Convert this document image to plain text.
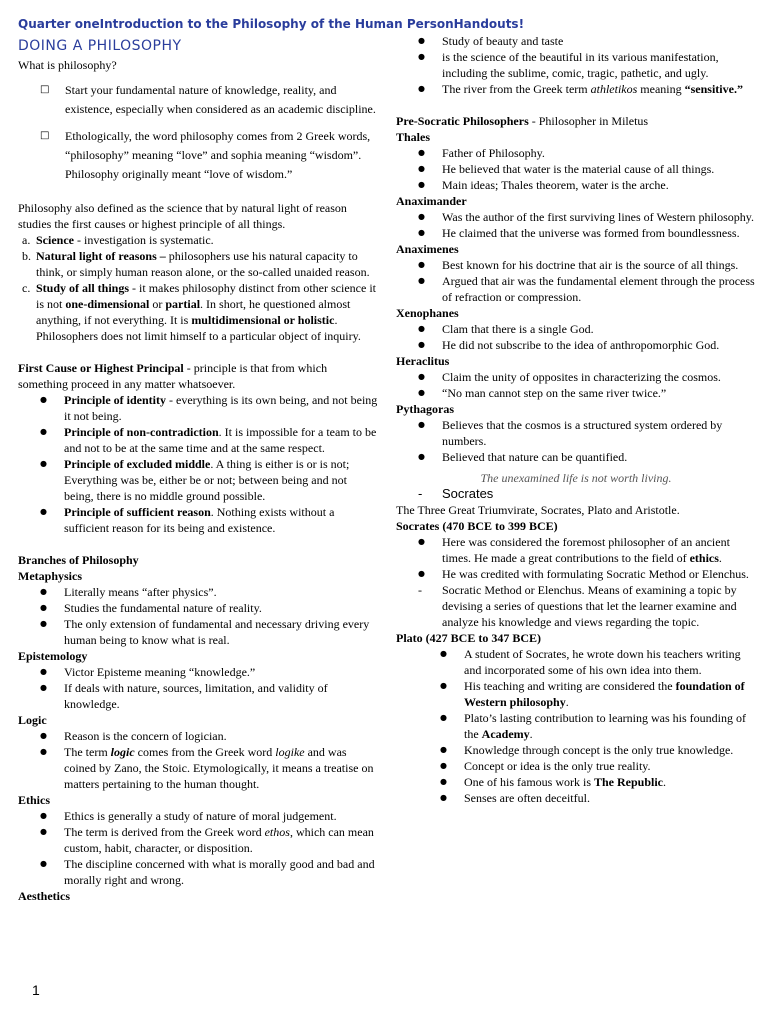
Quarter oneIntroduction to the Philosophy of the Human PersonHandouts!
DOING A PHILOSOPHY

What is philosophy?

□ Start your fundamental nature of knowledge, reality, and existence, especially when considered as an academic discipline.

□ Ethologically, the word philosophy comes from 2 Greek words, “philosophy” meaning “love” and sophia meaning “wisdom”. Philosophy originally meant “love of wisdom.”

Philosophy also defined as the science that by natural light of reason studies the first causes or highest principle of all things.

a. Science - investigation is systematic.
b. Natural light of reasons – philosophers use his natural capacity to think, or simply human reason alone, or the so-called unaided reason.
c. Study of all things - it makes philosophy distinct from other science it is not one-dimensional or partial. In short, he questioned almost anything, if not everything. It is multidimensional or holistic. Philosophers does not limit himself to a particular object of inquiry.

First Cause or Highest Principal - principle is that from which something proceed in any matter whatsoever.

● Principle of identity - everything is its own being, and not being it not being.
● Principle of non-contradiction. It is impossible for a team to be and not to be at the same time and at the same respect.
● Principle of excluded middle. A thing is either is or is not; Everything was be, either be or not; between being and not being, there is no middle ground possible.
● Principle of sufficient reason. Nothing exists without a sufficient reason for its being and existence.

Branches of Philosophy

Metaphysics

● Literally means “after physics”.
● Studies the fundamental nature of reality.
● The only extension of fundamental and necessary driving every human being to know what is real.

Epistemology

● Victor Episteme meaning “knowledge.”
● If deals with nature, sources, limitation, and validity of knowledge.

Logic

● Reason is the concern of logician.
● The term logic comes from the Greek word logike and was coined by Zano, the Stoic. Etymologically, it means a treatise on matters pertaining to the human thought.

Ethics

● Ethics is generally a study of nature of moral judgement.
● The term is derived from the Greek word ethos, which can mean custom, habit, character, or disposition.
● The discipline concerned with what is morally good and bad and morally right and wrong.

Aesthetics

● Study of beauty and taste
● is the science of the beautiful in its various manifestation, including the sublime, comic, tragic, pathetic, and ugly.
● The river from the Greek term athletikos meaning “sensitive.”

Pre-Socratic Philosophers - Philosopher in Miletus

Thales

● Father of Philosophy.
● He believed that water is the material cause of all things.
● Main ideas; Thales theorem, water is the arche.

Anaximander

● Was the author of the first surviving lines of Western philosophy.
● He claimed that the universe was formed from boundlessness.

Anaximenes

● Best known for his doctrine that air is the source of all things.
● Argued that air was the fundamental element through the process of refraction or compression.

Xenophanes

● Clam that there is a single God.
● He did not subscribe to the idea of anthropomorphic God.

Heraclitus

● Claim the unity of opposites in characterizing the cosmos.
● “No man cannot step on the same river twice.”

Pythagoras

● Believes that the cosmos is a structured system ordered by numbers.
● Believed that nature can be quantified.

The unexamined life is not worth living.

- Socrates

The Three Great Triumvirate, Socrates, Plato and Aristotle.

Socrates (470 BCE to 399 BCE)

● Here was considered the foremost philosopher of an ancient times. He made a great contributions to the field of ethics.
● He was credited with formulating Socratic Method or Elenchus.

- Socratic Method or Elenchus. Means of examining a topic by devising a series of questions that let the learner examine and analyze his knowledge and views regarding the topic.

Plato (427 BCE to 347 BCE)

● A student of Socrates, he wrote down his teachers writing and incorporated some of his own idea into them.
● His teaching and writing are considered the foundation of Western philosophy.
● Plato’s lasting contribution to learning was his founding of the Academy.
● Knowledge through concept is the only true knowledge.
● Concept or idea is the only true reality.
● One of his famous work is The Republic.
● Senses are often deceitful.
1
